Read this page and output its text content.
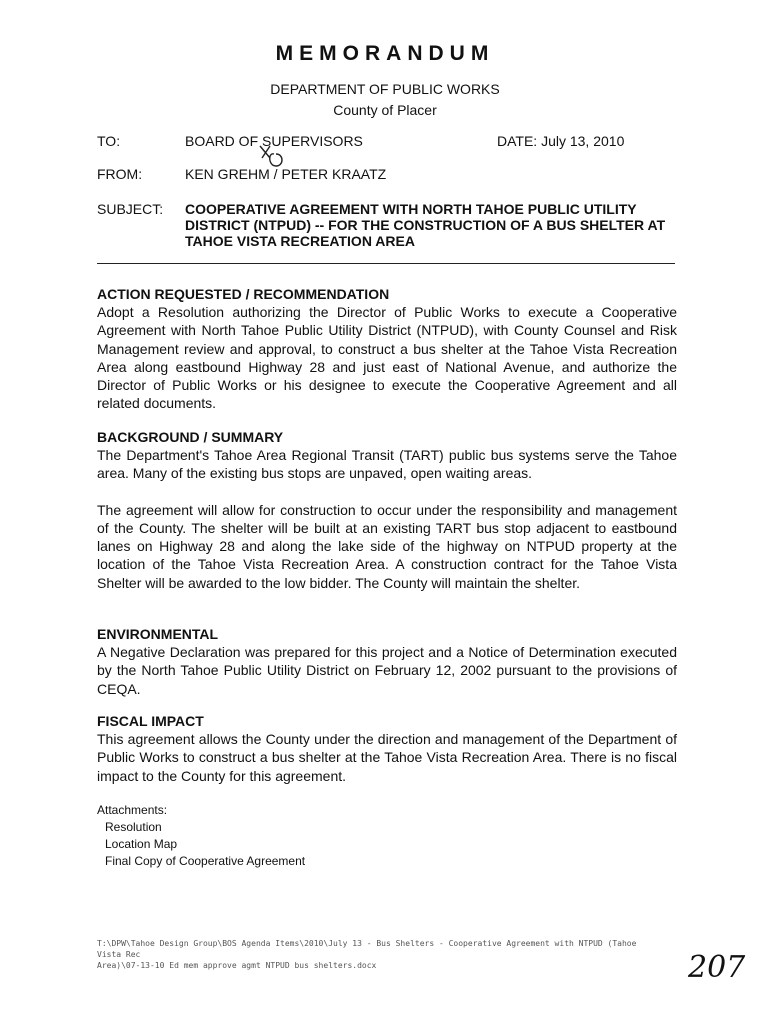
MEMORANDUM
DEPARTMENT OF PUBLIC WORKS
County of Placer
TO:	BOARD OF SUPERVISORS	DATE: July 13, 2010
FROM:	KEN GREHM / PETER KRAATZ
SUBJECT: COOPERATIVE AGREEMENT WITH NORTH TAHOE PUBLIC UTILITY DISTRICT (NTPUD) -- FOR THE CONSTRUCTION OF A BUS SHELTER AT TAHOE VISTA RECREATION AREA
ACTION REQUESTED / RECOMMENDATION

Adopt a Resolution authorizing the Director of Public Works to execute a Cooperative Agreement with North Tahoe Public Utility District (NTPUD), with County Counsel and Risk Management review and approval, to construct a bus shelter at the Tahoe Vista Recreation Area along eastbound Highway 28 and just east of National Avenue, and authorize the Director of Public Works or his designee to execute the Cooperative Agreement and all related documents.

BACKGROUND / SUMMARY

The Department's Tahoe Area Regional Transit (TART) public bus systems serve the Tahoe area. Many of the existing bus stops are unpaved, open waiting areas.

The agreement will allow for construction to occur under the responsibility and management of the County. The shelter will be built at an existing TART bus stop adjacent to eastbound lanes on Highway 28 and along the lake side of the highway on NTPUD property at the location of the Tahoe Vista Recreation Area. A construction contract for the Tahoe Vista Shelter will be awarded to the low bidder. The County will maintain the shelter.

ENVIRONMENTAL

A Negative Declaration was prepared for this project and a Notice of Determination executed by the North Tahoe Public Utility District on February 12, 2002 pursuant to the provisions of CEQA.

FISCAL IMPACT

This agreement allows the County under the direction and management of the Department of Public Works to construct a bus shelter at the Tahoe Vista Recreation Area. There is no fiscal impact to the County for this agreement.

Attachments:
Resolution
Location Map
Final Copy of Cooperative Agreement
T:\DPW\Tahoe Design Group\BOS Agenda Items\2010\July 13 - Bus Shelters - Cooperative Agreement with NTPUD (Tahoe Vista Rec
Area)\07-13-10 Ed mem approve agmt NTPUD bus shelters.docx	207
